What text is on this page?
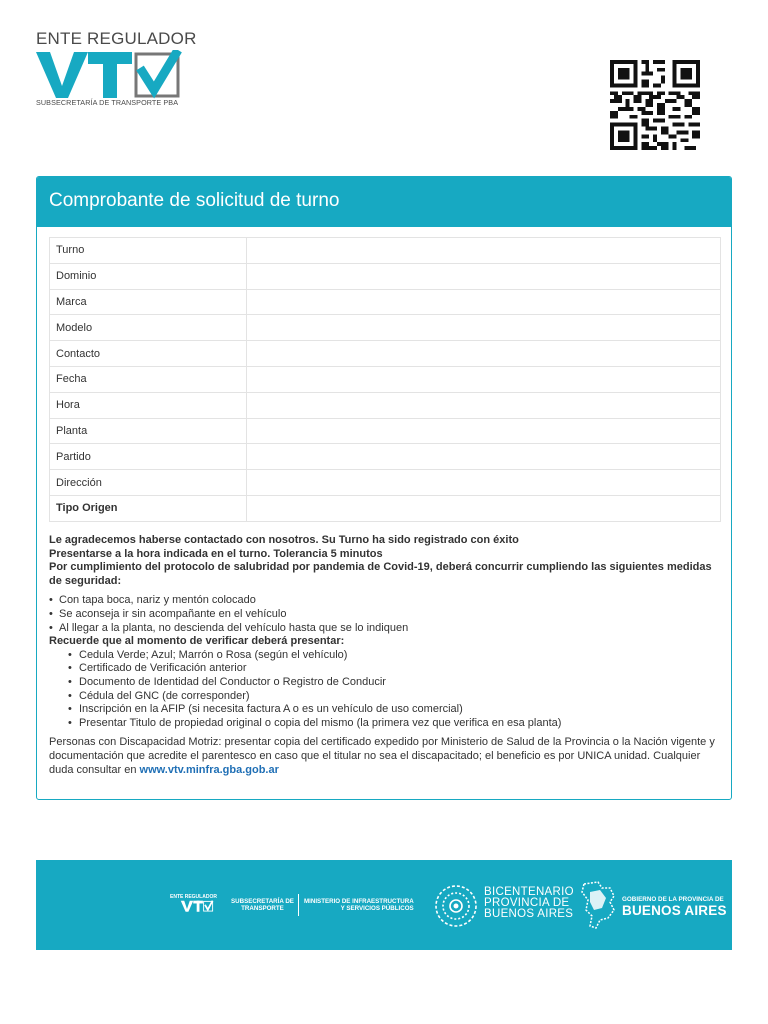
ENTE REGULADOR
SUBSECRETARÍA DE TRANSPORTE PBA
Comprobante de solicitud de turno
Turno	
Dominio	
Marca	
Modelo	
Contacto	
Fecha	
Hora	
Planta	
Partido	
Dirección	
Tipo Origen	
Le agradecemos haberse contactado con nosotros. Su Turno ha sido registrado con éxito
Presentarse a la hora indicada en el turno. Tolerancia 5 minutos
Por cumplimiento del protocolo de salubridad por pandemia de Covid-19, deberá concurrir cumpliendo las siguientes medidas de seguridad:
• Con tapa boca, nariz y mentón colocado
• Se aconseja ir sin acompañante en el vehículo
• Al llegar a la planta, no descienda del vehículo hasta que se lo indiquen
Recuerde que al momento de verificar deberá presentar:
• Cedula Verde; Azul; Marrón o Rosa (según el vehículo)
• Certificado de Verificación anterior
• Documento de Identidad del Conductor o Registro de Conducir
• Cédula del GNC (de corresponder)
• Inscripción en la AFIP (si necesita factura A o es un vehículo de uso comercial)
• Presentar Titulo de propiedad original o copia del mismo (la primera vez que verifica en esa planta)

Personas con Discapacidad Motriz: presentar copia del certificado expedido por Ministerio de Salud de la Provincia o la Nación vigente y documentación que acredite el parentesco en caso que el titular no sea el discapacitado; el beneficio es por UNICA unidad. Cualquier duda consultar en www.vtv.minfra.gba.gob.ar

ENTE REGULADOR
SUBSECRETARÍA DE
TRANSPORTE
MINISTERIO DE INFRAESTRUCTURA
Y SERVICIOS PÚBLICOS
BICENTENARIO
PROVINCIA DE
BUENOS AIRES
GOBIERNO DE LA PROVINCIA DE
BUENOS AIRES
